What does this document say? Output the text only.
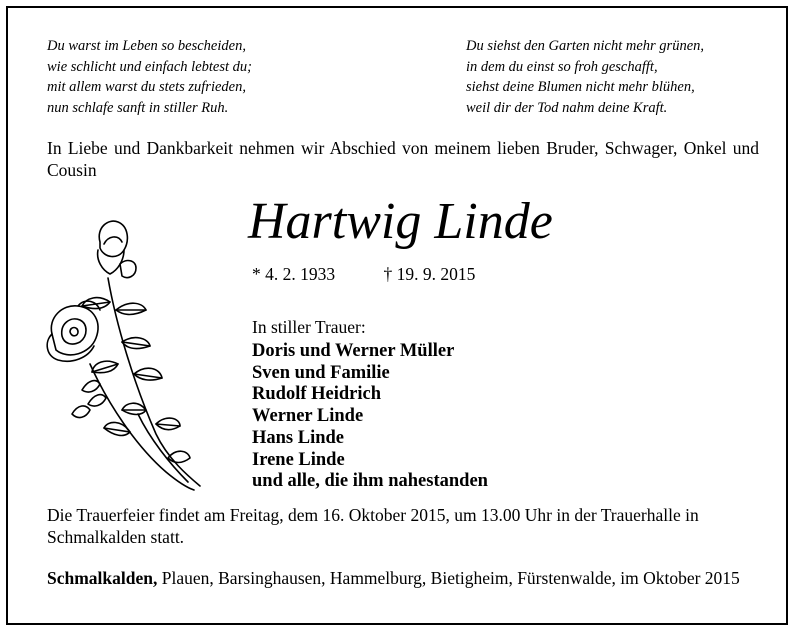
Du warst im Leben so bescheiden,
wie schlicht und einfach lebtest du;
mit allem warst du stets zufrieden,
nun schlafe sanft in stiller Ruh.
Du siehst den Garten nicht mehr grünen,
in dem du einst so froh geschafft,
siehst deine Blumen nicht mehr blühen,
weil dir der Tod nahm deine Kraft.
In Liebe und Dankbarkeit nehmen wir Abschied von meinem lieben Bruder, Schwager, Onkel und Cousin
Hartwig Linde
* 4. 2. 1933	† 19. 9. 2015
In stiller Trauer:
Doris und Werner Müller
Sven und Familie
Rudolf Heidrich
Werner Linde
Hans Linde
Irene Linde
und alle, die ihm nahestanden
Die Trauerfeier findet am Freitag, dem 16. Oktober 2015, um 13.00 Uhr in der Trauerhalle in Schmalkalden statt.
Schmalkalden, Plauen, Barsinghausen, Hammelburg, Bietigheim, Fürstenwalde, im Oktober 2015
